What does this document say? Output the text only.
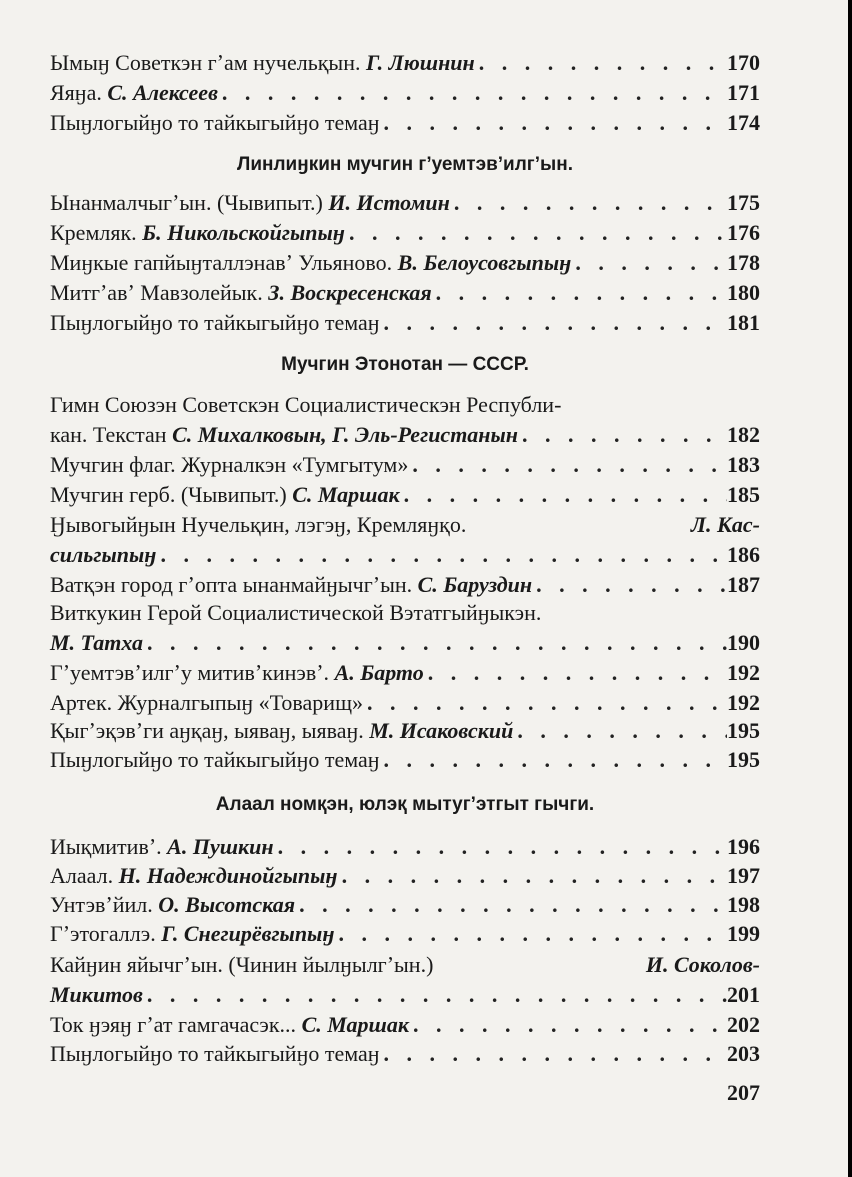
Ымыӈ Советкэн гʼам нучельқын. Г. Люшнин . . .	170
Яяӈа. С. Алексеев . . .	171
Пыӈлогыйӈо то тайкыгыйӈо темаӈ . . .	174
Линлиӈкин мучгин гʼуемтэвʼилгʼын.
Ынанмалчыгʼын. (Чывипыт.) И. Истомин . . .	175
Кремляк. Б. Никольскойгыпыӈ . . .	176
Миӈкые гапйыӈталлэнавʼ Ульяново. В. Белоусовгыпыӈ . . .	178
Митгʼавʼ Мавзолейык. З. Воскресенская . . .	180
Пыӈлогыйӈо то тайкыгыйӈо темаӈ . . .	181
Мучгин Этонотан — СССР.
Гимн Союзэн Советскэн Социалистическэн Республи-
кан. Текстан С. Михалковын, Г. Эль-Регистанын . . .	182
Мучгин флаг. Журналкэн «Тумгытум» . . .	183
Мучгин герб. (Чывипыт.) С. Маршак . . .	185
Ӈывогыйӈын Нучельқин, лэгэӈ, Кремляӈқо.	Л. Кас-
сильгыпыӈ . . .	186
Ватқэн город гʼопта ынанмайӈычгʼын. С. Баруздин . . .	187
Виткукин Герой Социалистической Вэтатгыйӈыкэн.
М. Татха . . .	190
Гʼуемтэвʼилгʼу митивʼкинэвʼ. А. Барто . . .	192
Артек. Журналгыпыӈ «Товарищ» . . .	192
Қыгʼэқэвʼги аӈқаӈ, ыяваӈ, ыяваӈ. М. Исаковский . . .	195
Пыӈлогыйӈо то тайкыгыйӈо темаӈ . . .	195
Алаал номқэн, юлэқ мытугʼэтгыт гычги.
Иықмитивʼ. А. Пушкин . . .	196
Алаал. Н. Надеждинойгыпыӈ . . .	197
Унтэвʼйил. О. Высотская . . .	198
Гʼэтогаллэ. Г. Снегирёвгыпыӈ . . .	199
Кайӈин яйычгʼын. (Чинин йылӈылгʼын.)	И. Соколов-
Микитов . . .	201
Ток ӈэяӈ гʼат гамгачасэк... С. Маршак . . .	202
Пыӈлогыйӈо то тайкыгыйӈо темаӈ . . .	203
207
